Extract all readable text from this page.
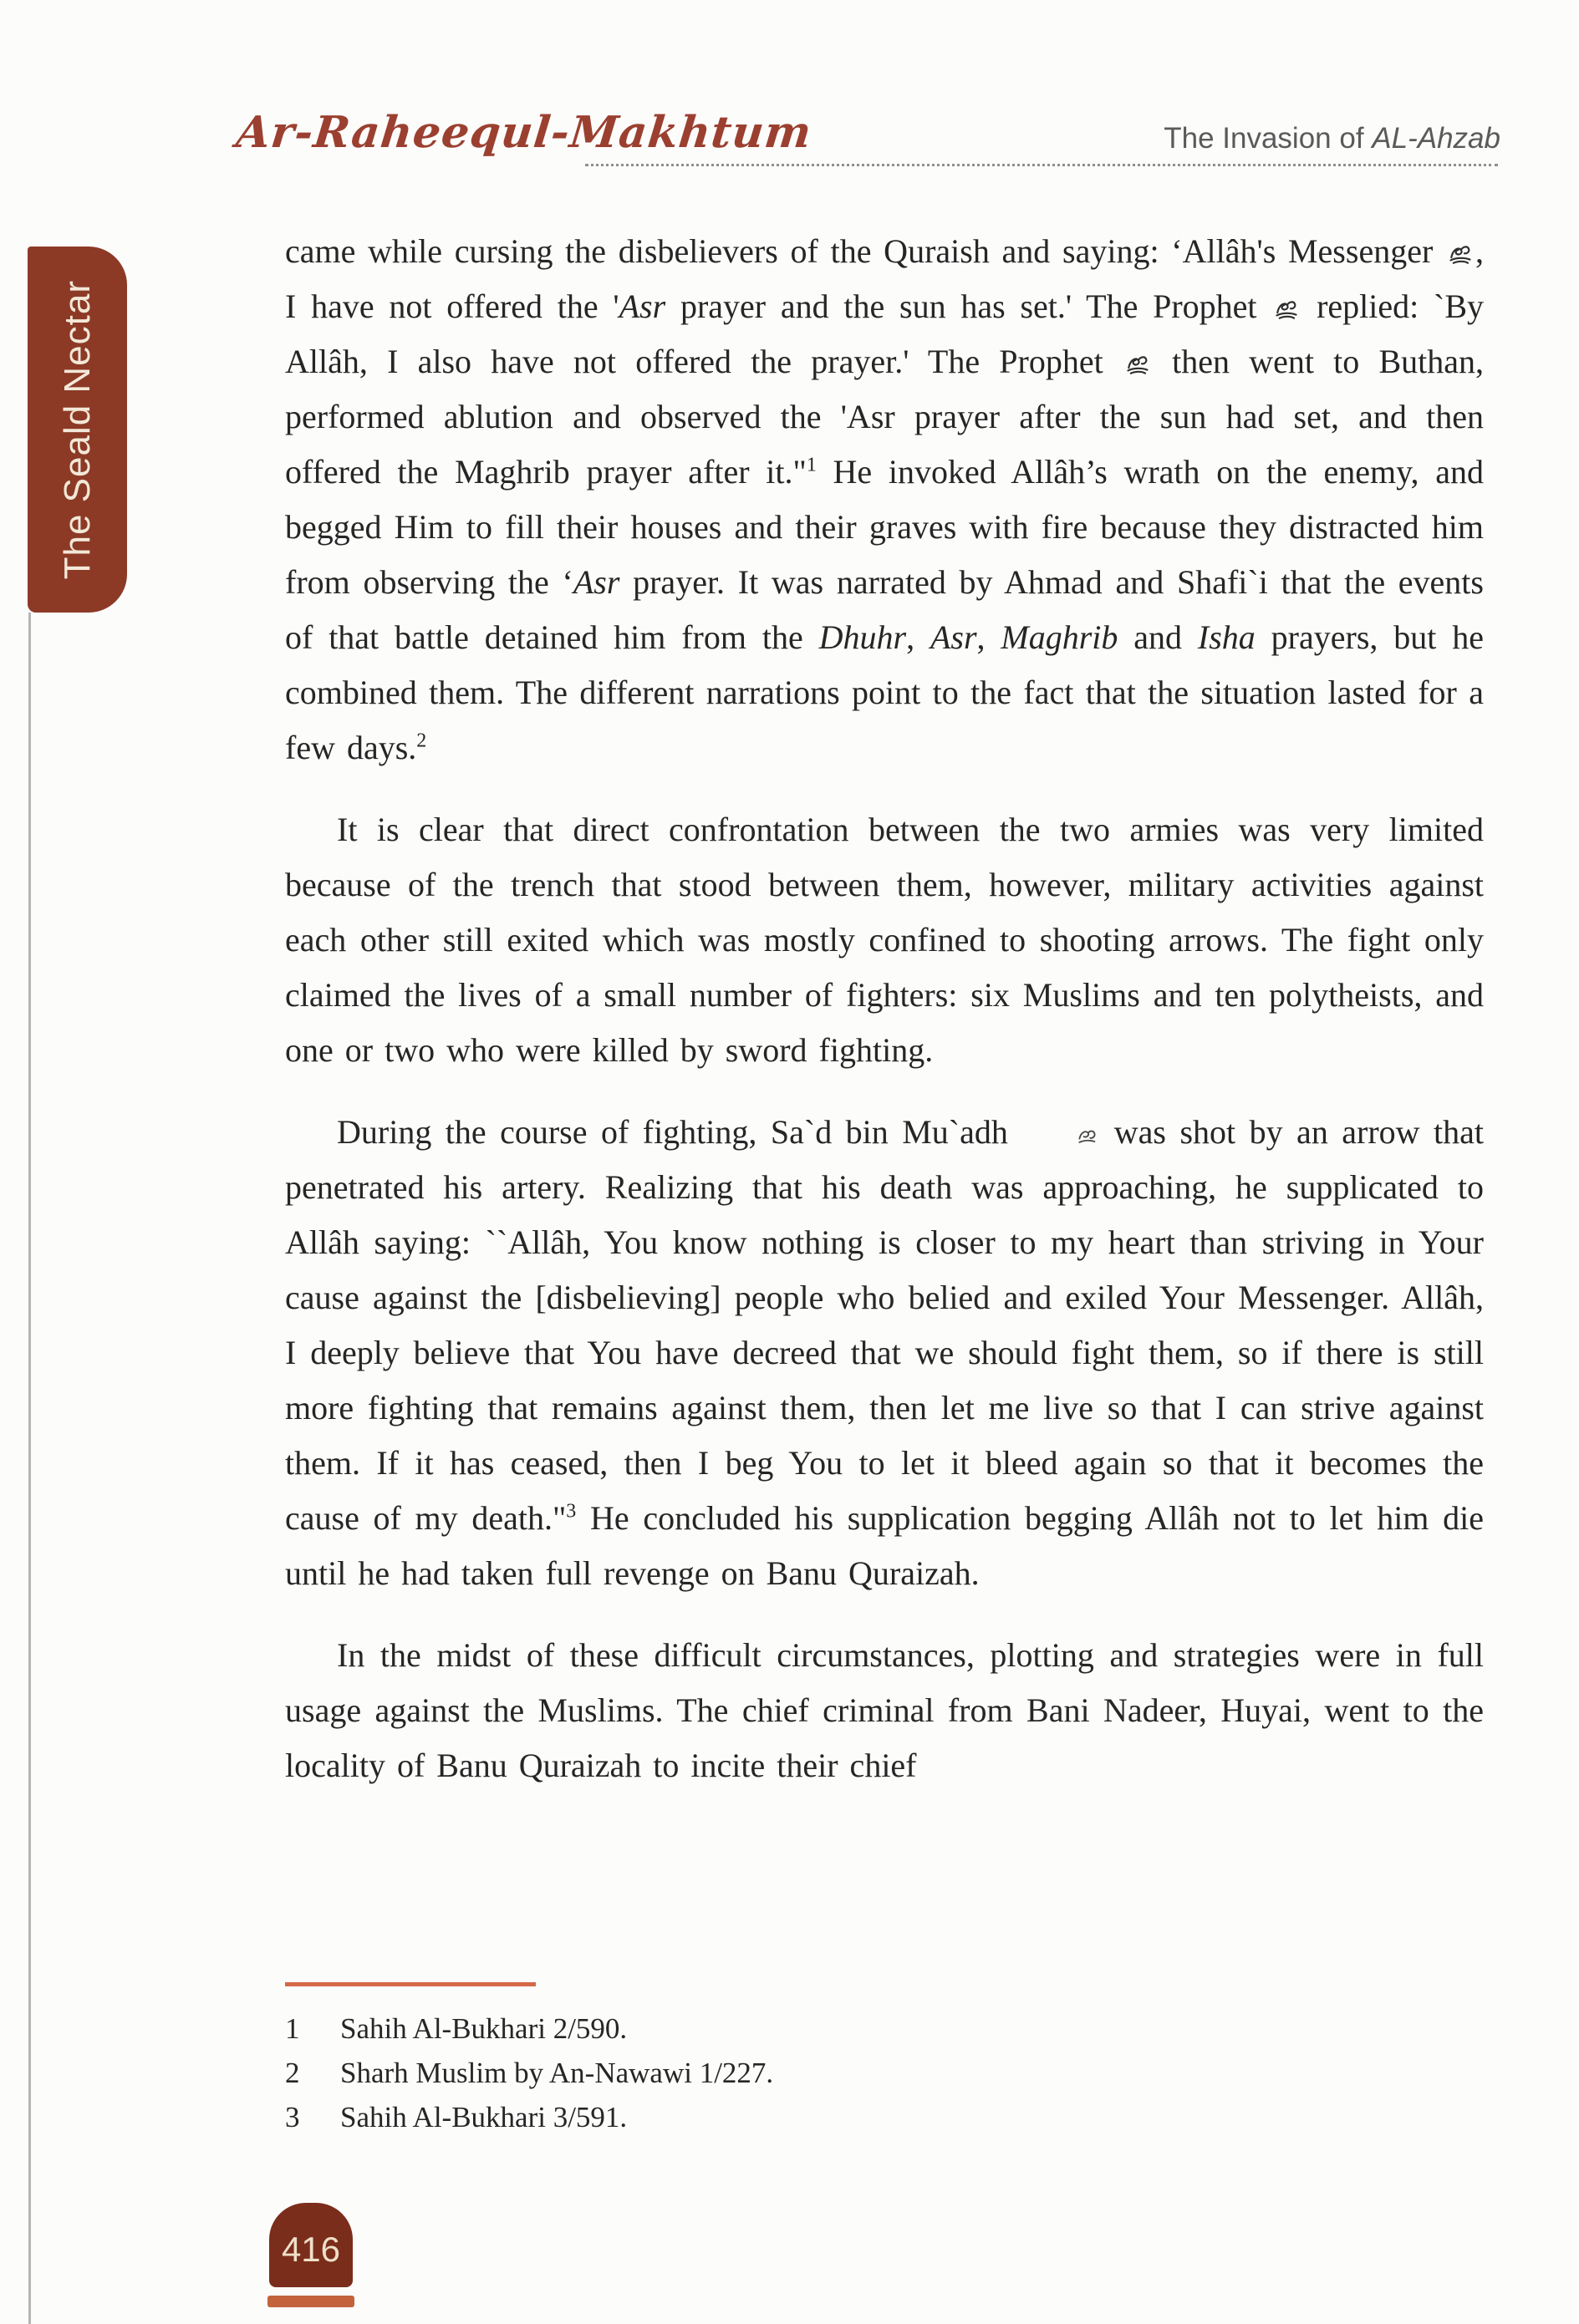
Ar-Raheequl-Makhtum	The Invasion of AL-Ahzab
The Seald Nectar

came while cursing the disbelievers of the Quraish and saying: ‘Allâh's Messenger , I have not offered the 'Asr prayer and the sun has set.' The Prophet  replied: `By Allâh, I also have not offered the prayer.' The Prophet  then went to Buthan, performed ablution and observed the 'Asr prayer after the sun had set, and then offered the Maghrib prayer after it."$^1$ He invoked Allâh’s wrath on the enemy, and begged Him to fill their houses and their graves with fire because they distracted him from observing the ‘Asr prayer. It was narrated by Ahmad and Shafi`i that the events of that battle detained him from the Dhuhr, Asr, Maghrib and Isha prayers, but he combined them. The different narrations point to the fact that the situation lasted for a few days.$^2$

It is clear that direct confrontation between the two armies was very limited because of the trench that stood between them, however, military activities against each other still exited which was mostly confined to shooting arrows. The fight only claimed the lives of a small number of fighters: six Muslims and ten polytheists, and one or two who were killed by sword fighting.

During the course of fighting, Sa`d bin Mu`adh  was shot by an arrow that penetrated his artery. Realizing that his death was approaching, he supplicated to Allâh saying: ``Allâh, You know nothing is closer to my heart than striving in Your cause against the [disbelieving] people who belied and exiled Your Messenger. Allâh, I deeply believe that You have decreed that we should fight them, so if there is still more fighting that remains against them, then let me live so that I can strive against them. If it has ceased, then I beg You to let it bleed again so that it becomes the cause of my death."$^3$ He concluded his supplication begging Allâh not to let him die until he had taken full revenge on Banu Quraizah.

In the midst of these difficult circumstances, plotting and strategies were in full usage against the Muslims. The chief criminal from Bani Nadeer, Huyai, went to the locality of Banu Quraizah to incite their chief

1	Sahih Al-Bukhari 2/590.
2	Sharh Muslim by An-Nawawi 1/227.
3	Sahih Al-Bukhari 3/591.
416
